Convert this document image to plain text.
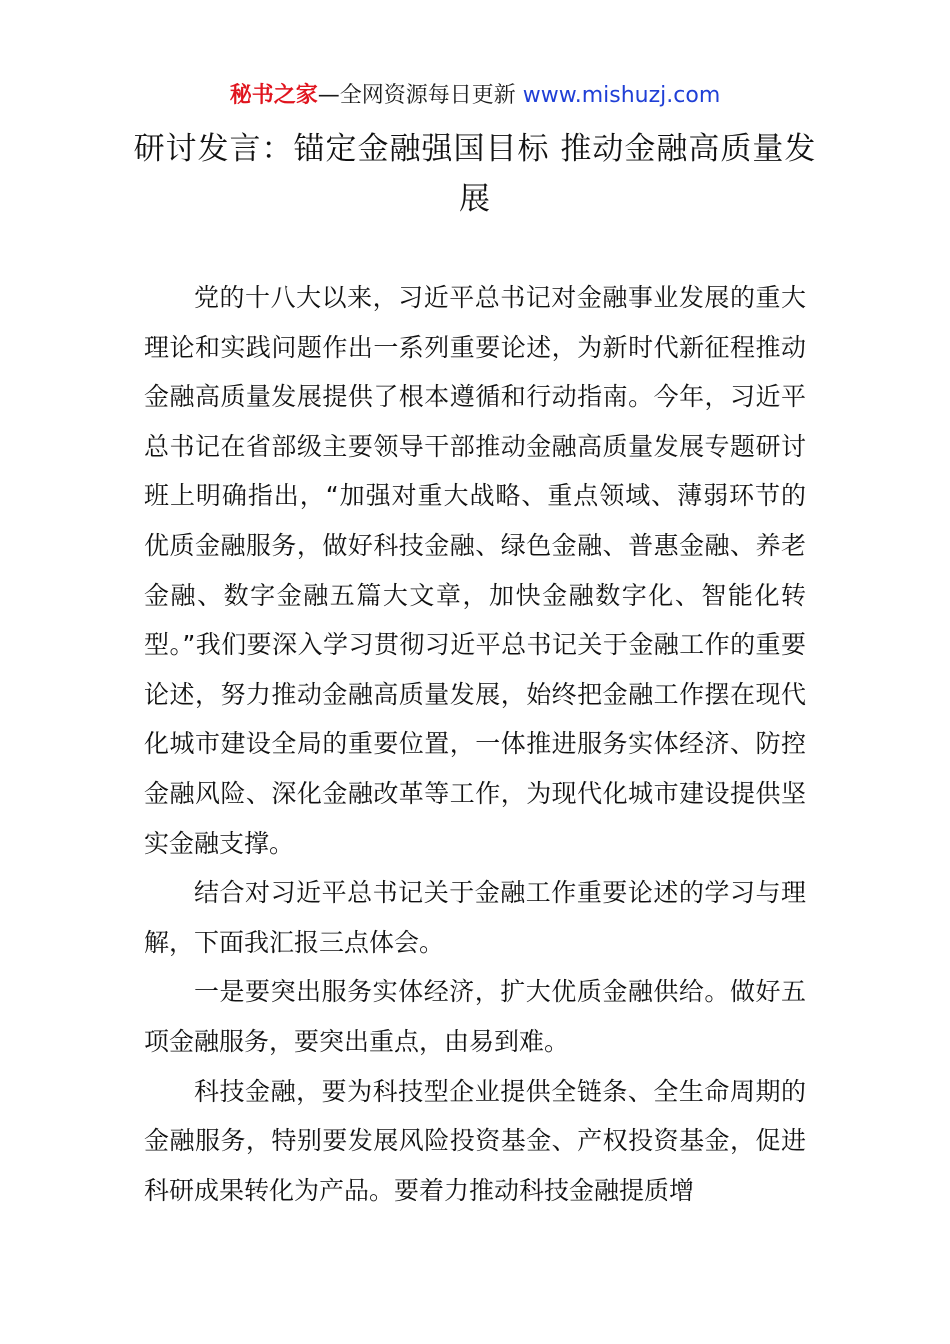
秘书之家—全网资源每日更新 www.mishuzj.com
研讨发言：锚定金融强国目标 推动金融高质量发展

党的十八大以来，习近平总书记对金融事业发展的重大理论和实践问题作出一系列重要论述，为新时代新征程推动金融高质量发展提供了根本遵循和行动指南。今年，习近平总书记在省部级主要领导干部推动金融高质量发展专题研讨班上明确指出，“加强对重大战略、重点领域、薄弱环节的优质金融服务，做好科技金融、绿色金融、普惠金融、养老金融、数字金融五篇大文章，加快金融数字化、智能化转型。”我们要深入学习贯彻习近平总书记关于金融工作的重要论述，努力推动金融高质量发展，始终把金融工作摆在现代化城市建设全局的重要位置，一体推进服务实体经济、防控金融风险、深化金融改革等工作，为现代化城市建设提供坚实金融支撑。

结合对习近平总书记关于金融工作重要论述的学习与理解，下面我汇报三点体会。

一是要突出服务实体经济，扩大优质金融供给。做好五项金融服务，要突出重点，由易到难。

科技金融，要为科技型企业提供全链条、全生命周期的金融服务，特别要发展风险投资基金、产权投资基金，促进科研成果转化为产品。要着力推动科技金融提质增
